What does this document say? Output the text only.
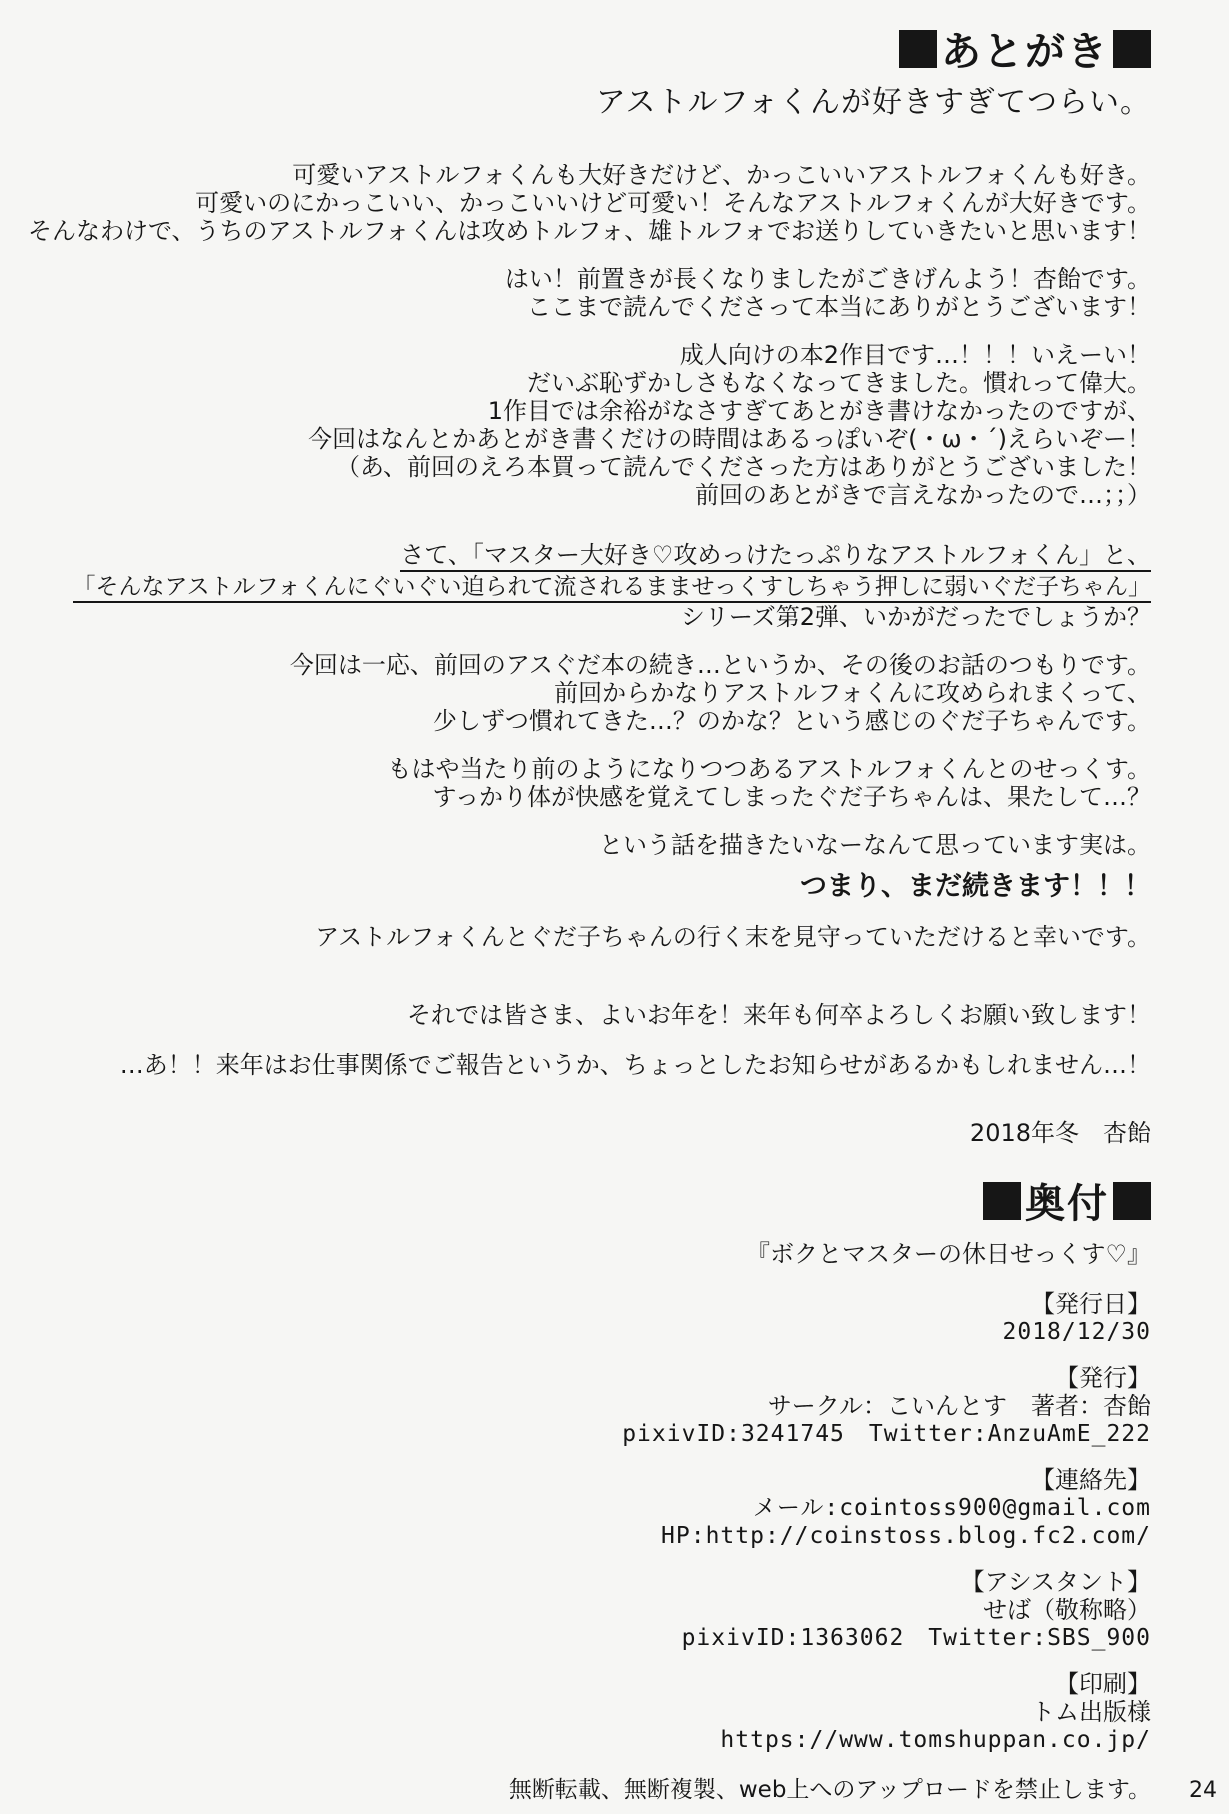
あとがき
アストルフォくんが好きすぎてつらい。
可愛いアストルフォくんも大好きだけど、かっこいいアストルフォくんも好き。
可愛いのにかっこいい、かっこいいけど可愛い！そんなアストルフォくんが大好きです。
そんなわけで、うちのアストルフォくんは攻めトルフォ、雄トルフォでお送りしていきたいと思います！
はい！前置きが長くなりましたがごきげんよう！杏飴です。
ここまで読んでくださって本当にありがとうございます！
成人向けの本2作目です…！！！いえーい！
だいぶ恥ずかしさもなくなってきました。慣れって偉大。
1作目では余裕がなさすぎてあとがき書けなかったのですが、
今回はなんとかあとがき書くだけの時間はあるっぽいぞ(・ω・´)えらいぞー！
（あ、前回のえろ本買って読んでくださった方はありがとうございました！
前回のあとがきで言えなかったので…；；）
さて、「マスター大好き♡攻めっけたっぷりなアストルフォくん」と、
「そんなアストルフォくんにぐいぐい迫られて流されるまませっくすしちゃう押しに弱いぐだ子ちゃん」
シリーズ第2弾、いかがだったでしょうか？
今回は一応、前回のアスぐだ本の続き…というか、その後のお話のつもりです。
前回からかなりアストルフォくんに攻められまくって、
少しずつ慣れてきた…？のかな？という感じのぐだ子ちゃんです。
もはや当たり前のようになりつつあるアストルフォくんとのせっくす。
すっかり体が快感を覚えてしまったぐだ子ちゃんは、果たして…？
という話を描きたいなーなんて思っています実は。
つまり、まだ続きます！！！
アストルフォくんとぐだ子ちゃんの行く末を見守っていただけると幸いです。
それでは皆さま、よいお年を！来年も何卒よろしくお願い致します！
…あ！！来年はお仕事関係でご報告というか、ちょっとしたお知らせがあるかもしれません…！
2018年冬　杏飴
奥付
『ボクとマスターの休日せっくす♡』
【発行日】
2018/12/30
【発行】
サークル：こいんとす　著者：杏飴
pixivID:3241745　Twitter:AnzuAmE_222
【連絡先】
メール:cointoss900@gmail.com
HP:http://coinstoss.blog.fc2.com/
【アシスタント】
せば（敬称略）
pixivID:1363062　Twitter:SBS_900
【印刷】
トム出版様
https://www.tomshuppan.co.jp/
無断転載、無断複製、web上へのアップロードを禁止します。 24
